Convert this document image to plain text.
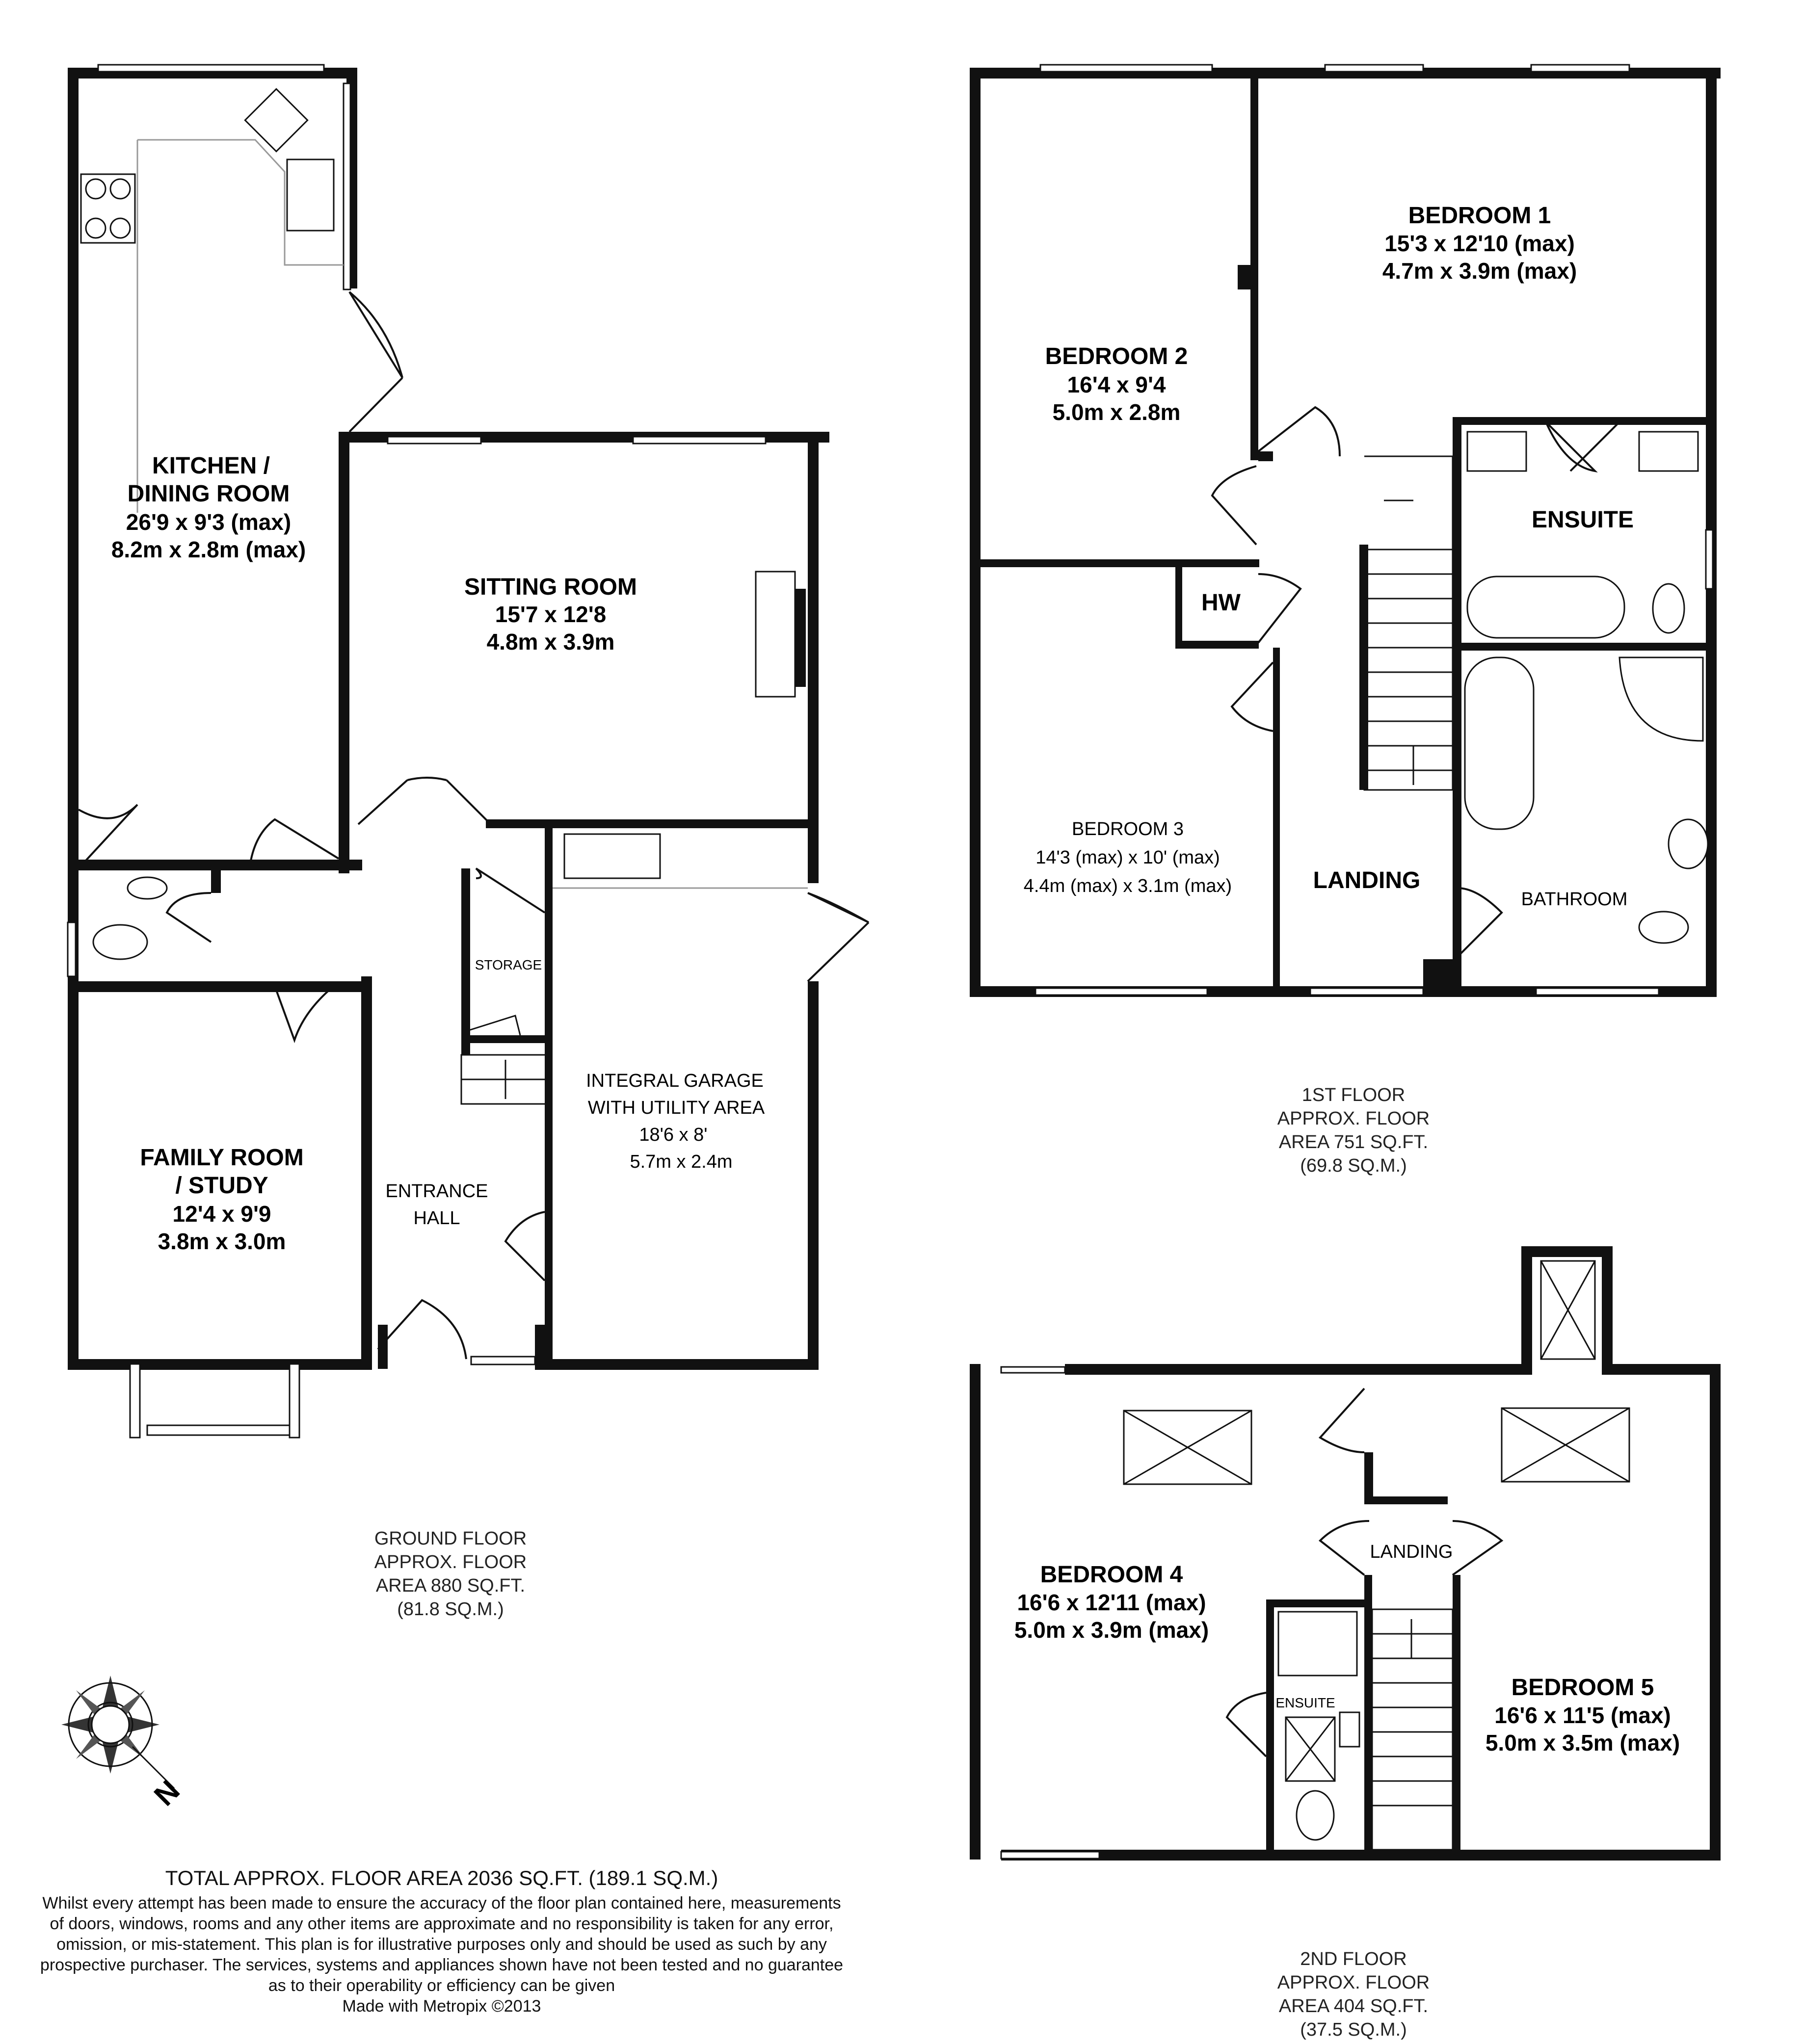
KITCHEN /
DINING ROOM
26'9 x 9'3 (max)
8.2m x 2.8m (max)
SITTING ROOM
15'7 x 12'8
4.8m x 3.9m
FAMILY ROOM
/ STUDY
12'4 x 9'9
3.8m x 3.0m
ENTRANCE
HALL
STORAGE
INTEGRAL GARAGE
WITH UTILITY AREA
18'6 x 8'
5.7m x 2.4m
GROUND FLOOR
APPROX. FLOOR
AREA 880 SQ.FT.
(81.8 SQ.M.)
BEDROOM 1
15'3 x 12'10 (max)
4.7m x 3.9m (max)
BEDROOM 2
16'4 x 9'4
5.0m x 2.8m
BEDROOM 3
14'3 (max) x 10' (max)
4.4m (max) x 3.1m (max)
ENSUITE
HW
LANDING
BATHROOM
1ST FLOOR
APPROX. FLOOR
AREA 751 SQ.FT.
(69.8 SQ.M.)
BEDROOM 4
16'6 x 12'11 (max)
5.0m x 3.9m (max)
BEDROOM 5
16'6 x 11'5 (max)
5.0m x 3.5m (max)
LANDING
ENSUITE
2ND FLOOR
APPROX. FLOOR
AREA 404 SQ.FT.
(37.5 SQ.M.)
TOTAL APPROX. FLOOR AREA 2036 SQ.FT. (189.1 SQ.M.)
Whilst every attempt has been made to ensure the accuracy of the floor plan contained here, measurements
of doors, windows, rooms and any other items are approximate and no responsibility is taken for any error,
omission, or mis-statement. This plan is for illustrative purposes only and should be used as such by any
prospective purchaser. The services, systems and appliances shown have not been tested and no guarantee
as to their operability or efficiency can be given
Made with Metropix ©2013
N
